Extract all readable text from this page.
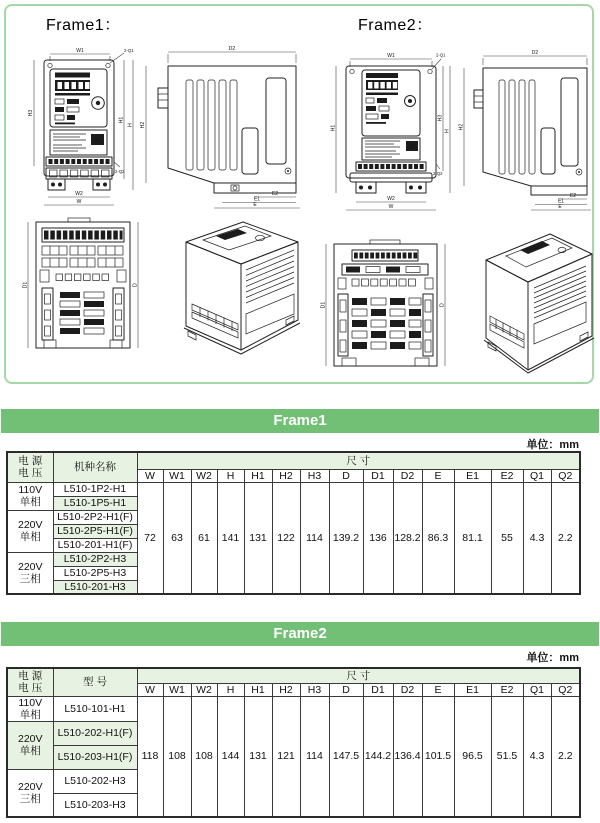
Frame1：	Frame2：
W1	2-Q1
ΔF
H3
2-Q2
H1
H
W2
W
D2
H2
E2
E1
E
D1	D
W1	2-Q1
ΔF
H1
2-Q2
H3
H
W2
W
D2
H2
E2
E1
E
D1	D
Frame1
单位：mm
电 源
电 压	机种名称	尺 寸														
		W	W1	W2	H	H1	H2	H3	D	D1	D2	E	E1	E2	Q1	Q2
110V
单相	L510-1P2-H1	72	63	61	141	131	122	114	139.2	136	128.2	86.3	81.1	55	4.3	2.2
	L510-1P5-H1															
220V
单相	L510-2P2-H1(F)															
	L510-2P5-H1(F)															
	L510-201-H1(F)															
220V
三相	L510-2P2-H3															
	L510-2P5-H3															
	L510-201-H3															
Frame2
单位：mm
电 源
电 压	型 号	尺 寸														
		W	W1	W2	H	H1	H2	H3	D	D1	D2	E	E1	E2	Q1	Q2
110V
单相	L510-101-H1	118	108	108	144	131	121	114	147.5	144.2	136.4	101.5	96.5	51.5	4.3	2.2
220V
单相	L510-202-H1(F)															
	L510-203-H1(F)															
220V
三相	L510-202-H3															
	L510-203-H3															
